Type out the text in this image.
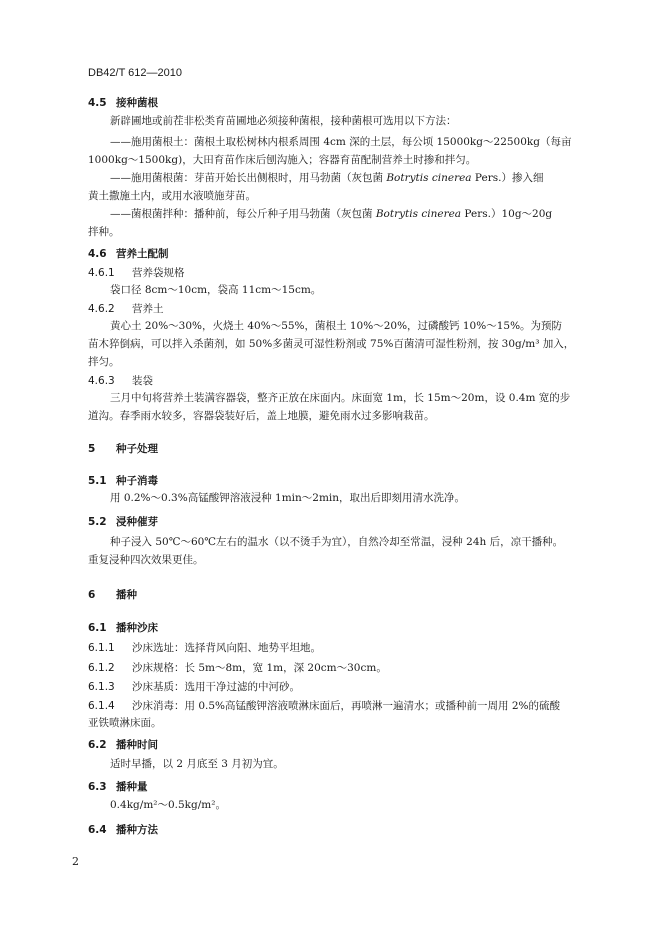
DB42/T 612—2010
4.5 接种菌根
新辟圃地或前茬非松类育苗圃地必须接种菌根，接种菌根可选用以下方法：
——施用菌根土：菌根土取松树林内根系周围 4cm 深的土层，每公顷 15000kg～22500kg（每亩
1000kg～1500kg)，大田育苗作床后刨沟施入；容器育苗配制营养土时掺和拌匀。
——施用菌根菌：芽苗开始长出侧根时，用马勃菌（灰包菌 Botrytis cinerea Pers.）掺入细
黄土撒施土内，或用水液喷施芽苗。
——菌根菌拌种：播种前，每公斤种子用马勃菌（灰包菌 Botrytis cinerea Pers.）10g～20g
拌种。
4.6 营养土配制
4.6.1 营养袋规格
袋口径 8cm～10cm，袋高 11cm～15cm。
4.6.2 营养土
黄心土 20%～30%，火烧土 40%～55%，菌根土 10%～20%，过磷酸钙 10%～15%。为预防
苗木猝倒病，可以拌入杀菌剂，如 50%多菌灵可湿性粉剂或 75%百菌清可湿性粉剂，按 30g/m³ 加入，
拌匀。
4.6.3 装袋
三月中旬将营养土装满容器袋，整齐正放在床面内。床面宽 1m，长 15m～20m，设 0.4m 宽的步
道沟。春季雨水较多，容器袋装好后，盖上地膜，避免雨水过多影响栽苗。
5 种子处理
5.1 种子消毒
用 0.2%～0.3%高锰酸钾溶液浸种 1min～2min，取出后即刻用清水洗净。
5.2 浸种催芽
种子浸入 50℃～60℃左右的温水（以不烫手为宜），自然冷却至常温，浸种 24h 后，凉干播种。
重复浸种四次效果更佳。
6 播种
6.1 播种沙床
6.1.1 沙床选址：选择背风向阳、地势平坦地。
6.1.2 沙床规格：长 5m～8m，宽 1m，深 20cm～30cm。
6.1.3 沙床基质：选用干净过滤的中河砂。
6.1.4 沙床消毒：用 0.5%高锰酸钾溶液喷淋床面后，再喷淋一遍清水；或播种前一周用 2%的硫酸
亚铁喷淋床面。
6.2 播种时间
适时早播，以 2 月底至 3 月初为宜。
6.3 播种量
0.4kg/m²～0.5kg/m²。
6.4 播种方法
2
